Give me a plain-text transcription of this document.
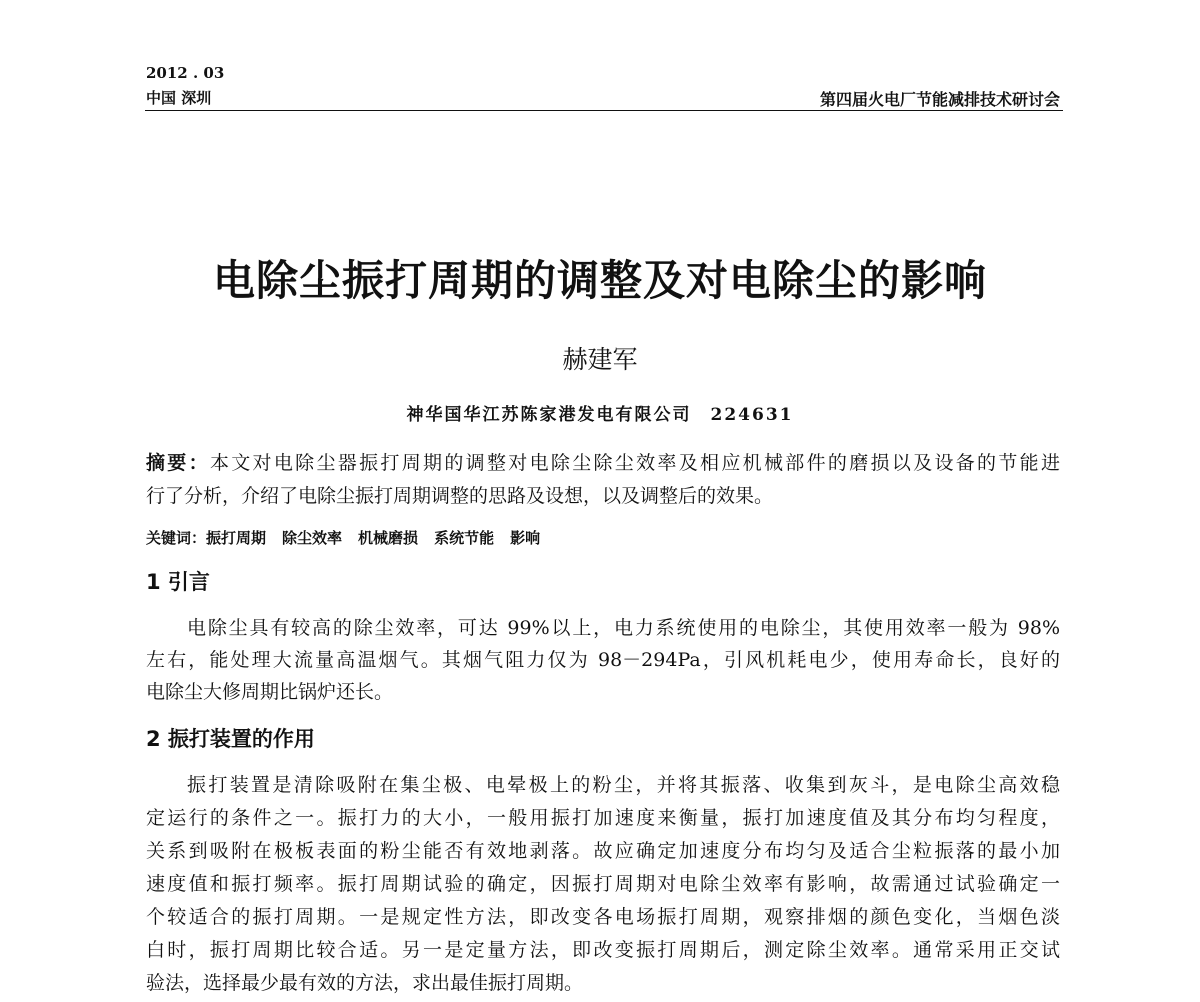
2012 . 03
中国 深圳	第四届火电厂节能减排技术研讨会
电除尘振打周期的调整及对电除尘的影响
赫建军
神华国华江苏陈家港发电有限公司　224631
摘要：本文对电除尘器振打周期的调整对电除尘除尘效率及相应机械部件的磨损以及设备的节能进
行了分析，介绍了电除尘振打周期调整的思路及设想，以及调整后的效果。
关键词：振打周期 除尘效率 机械磨损 系统节能 影响
1 引言
电除尘具有较高的除尘效率，可达 99%以上，电力系统使用的电除尘，其使用效率一般为 98%
左右，能处理大流量高温烟气。其烟气阻力仅为 98－294Pa，引风机耗电少，使用寿命长，良好的
电除尘大修周期比锅炉还长。
2 振打装置的作用
振打装置是清除吸附在集尘极、电晕极上的粉尘，并将其振落、收集到灰斗，是电除尘高效稳
定运行的条件之一。振打力的大小，一般用振打加速度来衡量，振打加速度值及其分布均匀程度，
关系到吸附在极板表面的粉尘能否有效地剥落。故应确定加速度分布均匀及适合尘粒振落的最小加
速度值和振打频率。振打周期试验的确定，因振打周期对电除尘效率有影响，故需通过试验确定一
个较适合的振打周期。一是规定性方法，即改变各电场振打周期，观察排烟的颜色变化，当烟色淡
白时，振打周期比较合适。另一是定量方法，即改变振打周期后，测定除尘效率。通常采用正交试
验法，选择最少最有效的方法，求出最佳振打周期。
